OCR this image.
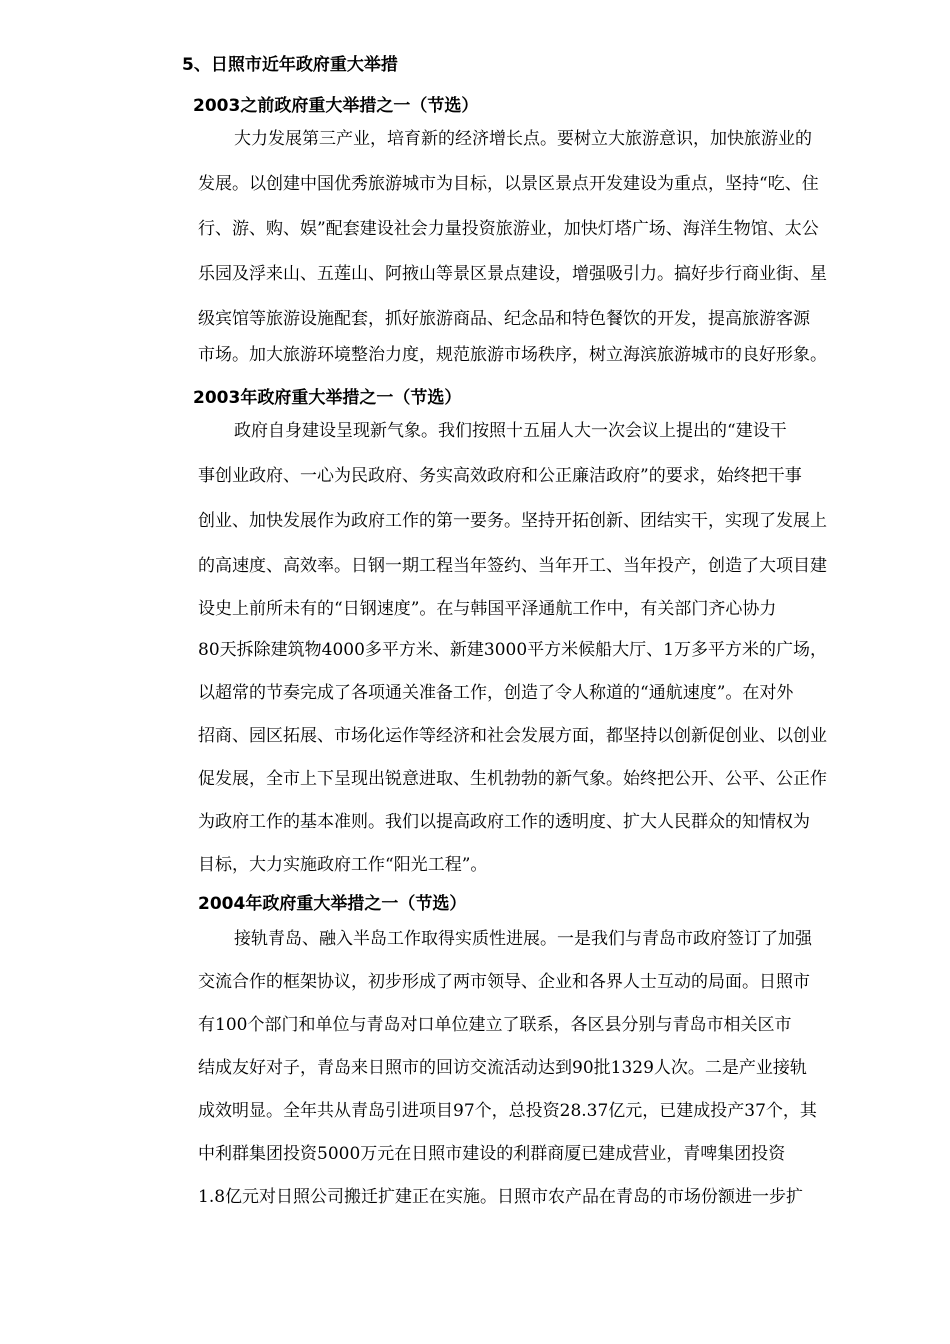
5、日照市近年政府重大举措
2003之前政府重大举措之一（节选）
大力发展第三产业，培育新的经济增长点。要树立大旅游意识，加快旅游业的
发展。以创建中国优秀旅游城市为目标，以景区景点开发建设为重点，坚持“吃、住
行、游、购、娱”配套建设社会力量投资旅游业，加快灯塔广场、海洋生物馆、太公
乐园及浮来山、五莲山、阿掖山等景区景点建设，增强吸引力。搞好步行商业街、星
级宾馆等旅游设施配套，抓好旅游商品、纪念品和特色餐饮的开发，提高旅游客源
市场。加大旅游环境整治力度，规范旅游市场秩序，树立海滨旅游城市的良好形象。
2003年政府重大举措之一（节选）
政府自身建设呈现新气象。我们按照十五届人大一次会议上提出的“建设干
事创业政府、一心为民政府、务实高效政府和公正廉洁政府”的要求，始终把干事
创业、加快发展作为政府工作的第一要务。坚持开拓创新、团结实干，实现了发展上
的高速度、高效率。日钢一期工程当年签约、当年开工、当年投产，创造了大项目建
设史上前所未有的“日钢速度”。在与韩国平泽通航工作中，有关部门齐心协力
80天拆除建筑物4000多平方米、新建3000平方米候船大厅、1万多平方米的广场，
以超常的节奏完成了各项通关准备工作，创造了令人称道的“通航速度”。在对外
招商、园区拓展、市场化运作等经济和社会发展方面，都坚持以创新促创业、以创业
促发展，全市上下呈现出锐意进取、生机勃勃的新气象。始终把公开、公平、公正作
为政府工作的基本准则。我们以提高政府工作的透明度、扩大人民群众的知情权为
目标，大力实施政府工作“阳光工程”。
2004年政府重大举措之一（节选）
接轨青岛、融入半岛工作取得实质性进展。一是我们与青岛市政府签订了加强
交流合作的框架协议，初步形成了两市领导、企业和各界人士互动的局面。日照市
有100个部门和单位与青岛对口单位建立了联系，各区县分别与青岛市相关区市
结成友好对子，青岛来日照市的回访交流活动达到90批1329人次。二是产业接轨
成效明显。全年共从青岛引进项目97个，总投资28.37亿元，已建成投产37个，其
中利群集团投资5000万元在日照市建设的利群商厦已建成营业，青啤集团投资
1.8亿元对日照公司搬迁扩建正在实施。日照市农产品在青岛的市场份额进一步扩
